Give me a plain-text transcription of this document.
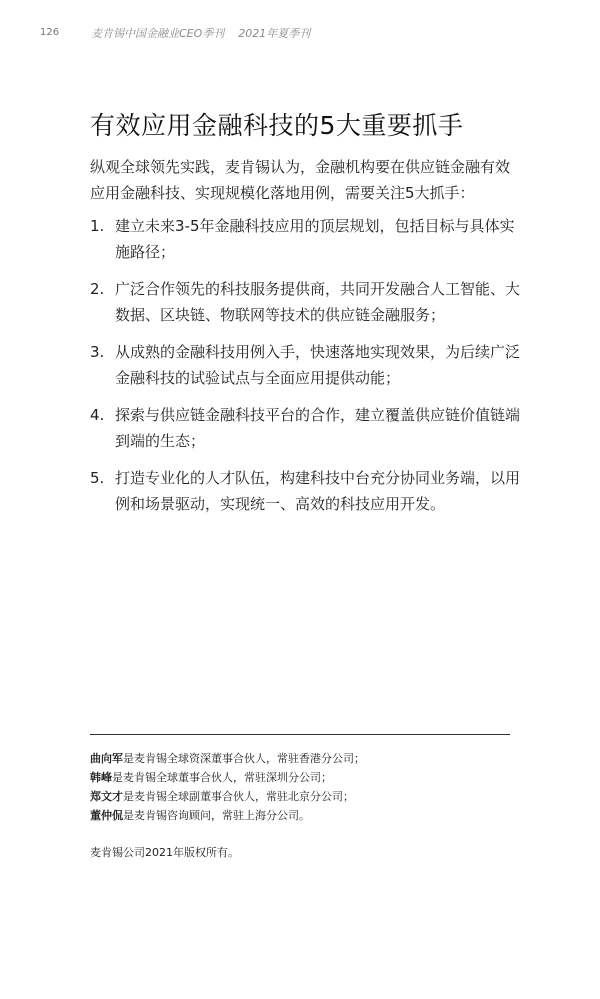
126	麦肯锡中国金融业CEO季刊 2021年夏季刊
有效应用金融科技的5大重要抓手

纵观全球领先实践，麦肯锡认为，金融机构要在供应链金融有效应用金融科技、实现规模化落地用例，需要关注5大抓手：

1. 建立未来3-5年金融科技应用的顶层规划，包括目标与具体实施路径；
2. 广泛合作领先的科技服务提供商，共同开发融合人工智能、大数据、区块链、物联网等技术的供应链金融服务；
3. 从成熟的金融科技用例入手，快速落地实现效果，为后续广泛金融科技的试验试点与全面应用提供动能；
4. 探索与供应链金融科技平台的合作，建立覆盖供应链价值链端到端的生态；
5. 打造专业化的人才队伍，构建科技中台充分协同业务端，以用例和场景驱动，实现统一、高效的科技应用开发。
曲向军是麦肯锡全球资深董事合伙人，常驻香港分公司；
韩峰是麦肯锡全球董事合伙人，常驻深圳分公司；
郑文才是麦肯锡全球副董事合伙人，常驻北京分公司；
董仲侃是麦肯锡咨询顾问，常驻上海分公司。
麦肯锡公司2021年版权所有。
